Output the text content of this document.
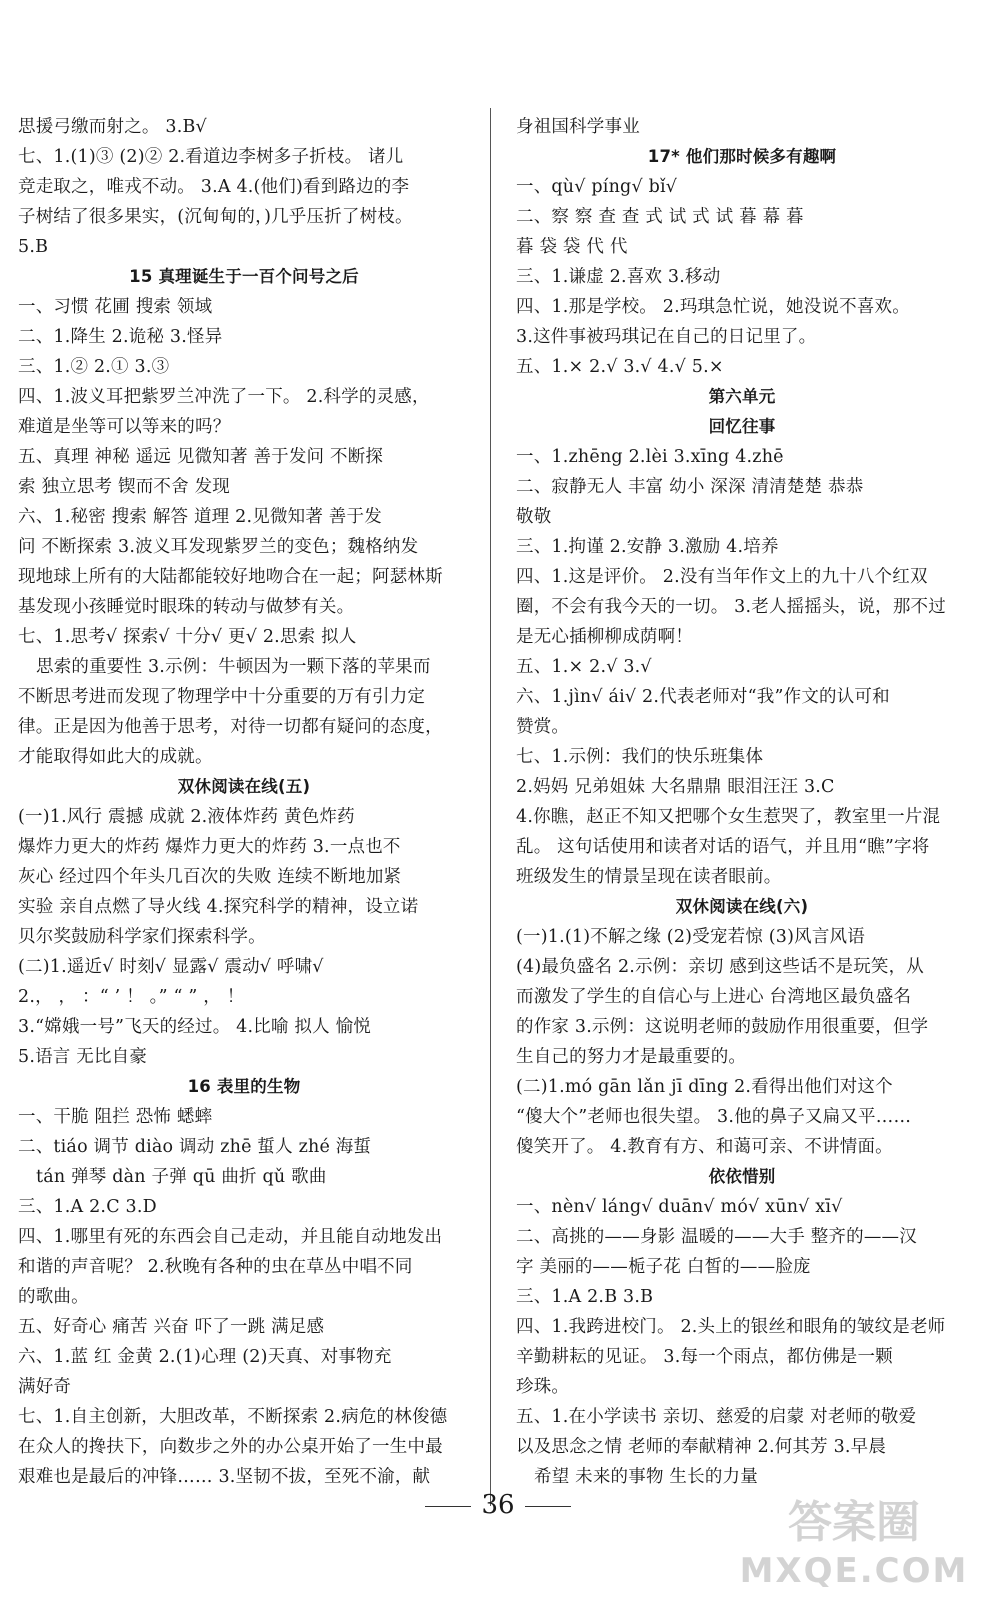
思援弓缴而射之。 3.B√
七、1.(1)③ (2)② 2.看道边李树多子折枝。 诸儿
竞走取之，唯戎不动。 3.A 4.(他们)看到路边的李
子树结了很多果实，(沉甸甸的，)几乎压折了树枝。
5.B
15 真理诞生于一百个问号之后
一、习惯 花圃 搜索 领域
二、1.降生 2.诡秘 3.怪异
三、1.② 2.① 3.③
四、1.波义耳把紫罗兰冲洗了一下。 2.科学的灵感，
难道是坐等可以等来的吗？
五、真理 神秘 遥远 见微知著 善于发问 不断探
索 独立思考 锲而不舍 发现
六、1.秘密 搜索 解答 道理 2.见微知著 善于发
问 不断探索 3.波义耳发现紫罗兰的变色；魏格纳发
现地球上所有的大陆都能较好地吻合在一起；阿瑟林斯
基发现小孩睡觉时眼珠的转动与做梦有关。
七、1.思考√ 探索√ 十分√ 更√ 2.思索 拟人
思索的重要性 3.示例：牛顿因为一颗下落的苹果而
不断思考进而发现了物理学中十分重要的万有引力定
律。正是因为他善于思考，对待一切都有疑问的态度，
才能取得如此大的成就。
双休阅读在线(五)
(一)1.风行 震撼 成就 2.液体炸药 黄色炸药
爆炸力更大的炸药 爆炸力更大的炸药 3.一点也不
灰心 经过四个年头几百次的失败 连续不断地加紧
实验 亲自点燃了导火线 4.探究科学的精神，设立诺
贝尔奖鼓励科学家们探索科学。
(二)1.遥近√ 时刻√ 显露√ 震动√ 呼啸√
2.， ， ：“ ’ ！ 。” “ ” ， ！
3.“嫦娥一号”飞天的经过。 4.比喻 拟人 愉悦
5.语言 无比自豪
16 表里的生物
一、干脆 阻拦 恐怖 蟋蟀
二、tiáo 调节 diào 调动 zhē 蜇人 zhé 海蜇
tán 弹琴 dàn 子弹 qū 曲折 qǔ 歌曲
三、1.A 2.C 3.D
四、1.哪里有死的东西会自己走动，并且能自动地发出
和谐的声音呢？ 2.秋晚有各种的虫在草丛中唱不同
的歌曲。
五、好奇心 痛苦 兴奋 吓了一跳 满足感
六、1.蓝 红 金黄 2.(1)心理 (2)天真、对事物充
满好奇
七、1.自主创新，大胆改革，不断探索 2.病危的林俊德
在众人的搀扶下，向数步之外的办公桌开始了一生中最
艰难也是最后的冲锋…… 3.坚韧不拔，至死不渝，献
身祖国科学事业
17* 他们那时候多有趣啊
一、qù√ píng√ bǐ√
二、察 察 查 查 式 试 式 试 暮 幕 暮
暮 袋 袋 代 代
三、1.谦虚 2.喜欢 3.移动
四、1.那是学校。 2.玛琪急忙说，她没说不喜欢。
3.这件事被玛琪记在自己的日记里了。
五、1.× 2.√ 3.√ 4.√ 5.×
第六单元
回忆往事
一、1.zhēng 2.lèi 3.xīng 4.zhē
二、寂静无人 丰富 幼小 深深 清清楚楚 恭恭
敬敬
三、1.拘谨 2.安静 3.激励 4.培养
四、1.这是评价。 2.没有当年作文上的九十八个红双
圈，不会有我今天的一切。 3.老人摇摇头，说，那不过
是无心插柳柳成荫啊！
五、1.× 2.√ 3.√
六、1.jìn√ ái√ 2.代表老师对“我”作文的认可和
赞赏。
七、1.示例：我们的快乐班集体
2.妈妈 兄弟姐妹 大名鼎鼎 眼泪汪汪 3.C
4.你瞧，赵正不知又把哪个女生惹哭了，教室里一片混
乱。 这句话使用和读者对话的语气，并且用“瞧”字将
班级发生的情景呈现在读者眼前。
双休阅读在线(六)
(一)1.(1)不解之缘 (2)受宠若惊 (3)风言风语
(4)最负盛名 2.示例：亲切 感到这些话不是玩笑，从
而激发了学生的自信心与上进心 台湾地区最负盛名
的作家 3.示例：这说明老师的鼓励作用很重要，但学
生自己的努力才是最重要的。
(二)1.mó gān lǎn jī dīng 2.看得出他们对这个
“傻大个”老师也很失望。 3.他的鼻子又扁又平……
傻笑开了。 4.教育有方、和蔼可亲、不讲情面。
依依惜别
一、nèn√ láng√ duān√ mó√ xūn√ xī√
二、高挑的——身影 温暖的——大手 整齐的——汉
字 美丽的——栀子花 白皙的——脸庞
三、1.A 2.B 3.B
四、1.我跨进校门。 2.头上的银丝和眼角的皱纹是老师
辛勤耕耘的见证。 3.每一个雨点，都仿佛是一颗
珍珠。
五、1.在小学读书 亲切、慈爱的启蒙 对老师的敬爱
以及思念之情 老师的奉献精神 2.何其芳 3.早晨
希望 未来的事物 生长的力量
36	答案圈
MXQE.COM
